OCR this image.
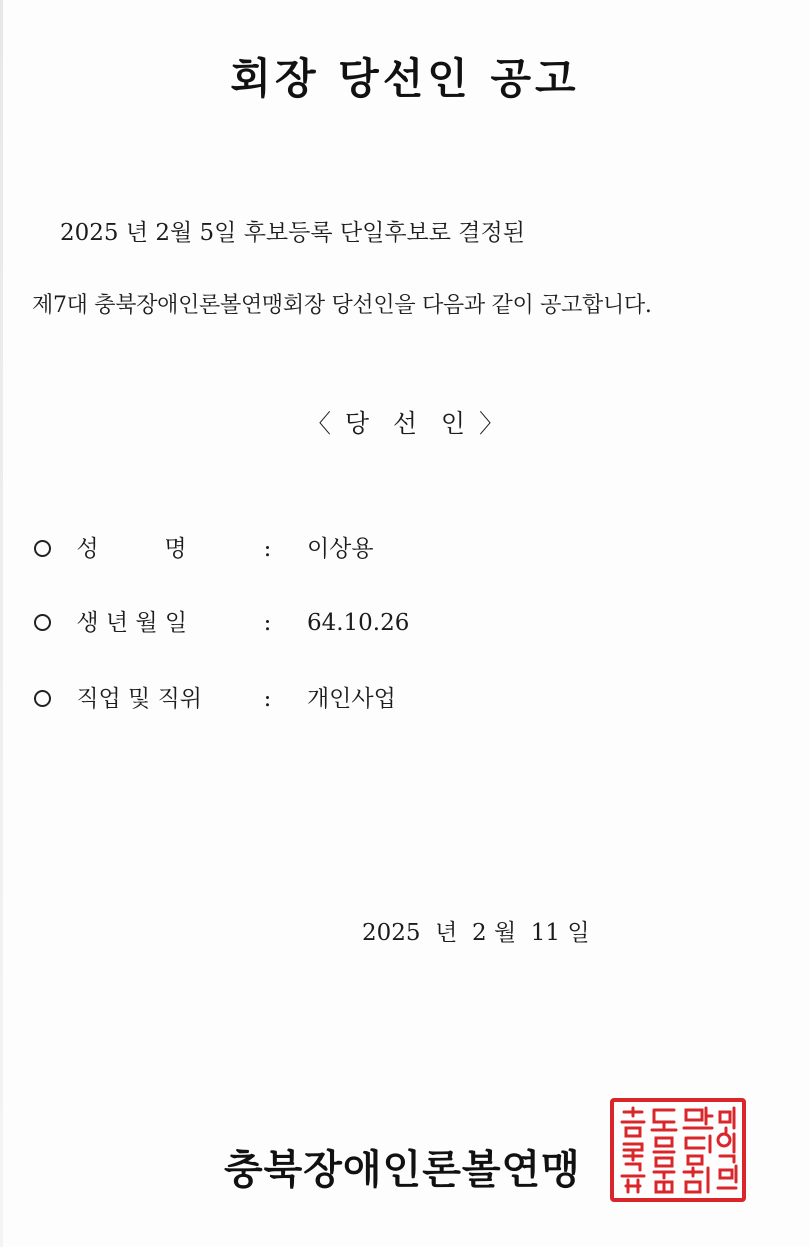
회장 당선인 공고
2025 년 2월 5일 후보등록 단일후보로 결정된
제7대 충북장애인론볼연맹회장 당선인을 다음과 같이 공고합니다.
〈 당   선   인 〉
성         명	: 이상용
생 년 월 일	: 64.10.26
직업 및 직위	: 개인사업
2025  년  2 월  11 일
충북장애인론볼연맹
